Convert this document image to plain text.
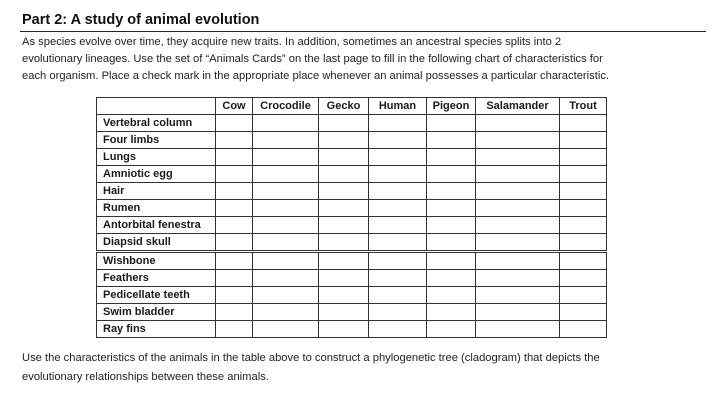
Part 2: A study of animal evolution
As species evolve over time, they acquire new traits. In addition, sometimes an ancestral species splits into 2
evolutionary lineages. Use the set of “Animals Cards” on the last page to fill in the following chart of characteristics for
each organism. Place a check mark in the appropriate place whenever an animal possesses a particular characteristic.
	Cow	Crocodile	Gecko	Human	Pigeon	Salamander	Trout
Vertebral column							
Four limbs							
Lungs							
Amniotic egg							
Hair							
Rumen							
Antorbital fenestra							
Diapsid skull							
Wishbone							
Feathers							
Pedicellate teeth							
Swim bladder							
Ray fins							
Use the characteristics of the animals in the table above to construct a phylogenetic tree (cladogram) that depicts the
evolutionary relationships between these animals.
